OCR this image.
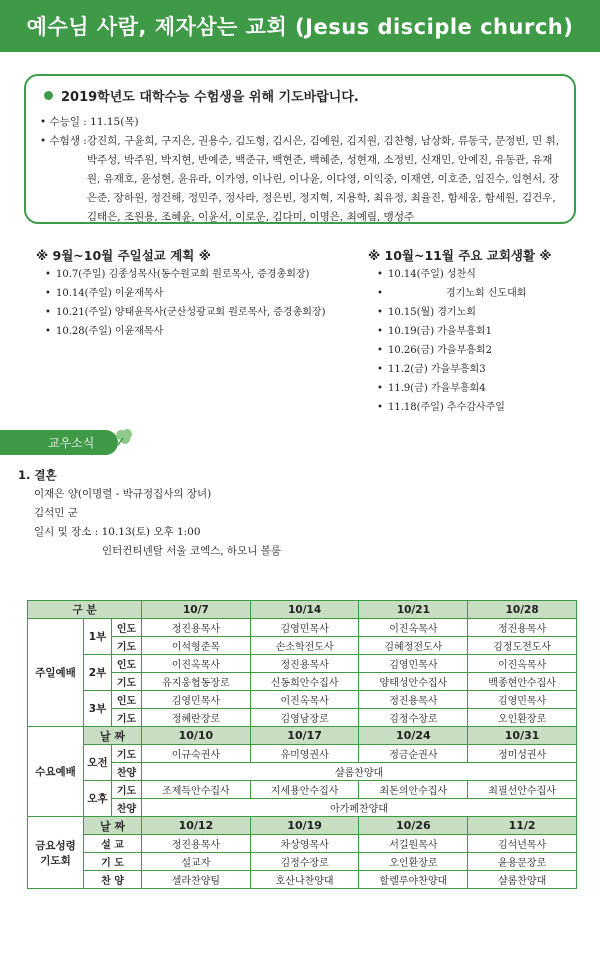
예수님 사람, 제자삼는 교회 (Jesus disciple church)
2019학년도 대학수능 수험생을 위해 기도바랍니다.
• 수능일 : 11.15(목)
• 수험생 : 강진희, 구윤희, 구지은, 권용수, 김도형, 김시은, 김예원, 김지원, 김찬형, 남상화, 류동국, 문정빈, 민 휘, 박주성, 박주원, 박지현, 반예준, 백준규, 백현준, 백혜준, 성현재, 소정빈, 신재민, 안예진, 유동관, 유재원, 유재호, 윤성현, 윤유라, 이가영, 이나린, 이나윤, 이다영, 이익중, 이재연, 이호준, 임진수, 임현서, 장은준, 장하원, 정건해, 정민주, 정사라, 정은빈, 정지혁, 지용학, 최유정, 최율진, 함세웅, 함세원, 김건우, 김태은, 조원용, 조혜윤, 이윤서, 이로운, 김다미, 이명은, 최예림, 맹성주
※ 9월~10월 주일설교 계획 ※
• 10.7(주일) 김종성목사(동수원교회 원로목사, 증경총회장)
• 10.14(주일) 이윤재목사
• 10.21(주일) 양태윤목사(군산성광교회 원로목사, 증경총회장)
• 10.28(주일) 이윤재목사
※ 10월~11월 주요 교회생활 ※
• 10.14(주일) 성찬식
• 경기노회 신도대회
• 10.15(월) 경기노회
• 10.19(금) 가을부흥회1
• 10.26(금) 가을부흥회2
• 11.2(금) 가을부흥회3
• 11.9(금) 가을부흥회4
• 11.18(주일) 추수감사주일
교우소식
1. 결혼
이재은 양(이명렬 - 박규정집사의 장녀)
김석민 군
일시 및 장소 : 10.13(토) 오후 1:00
인터컨티넨탈 서울 코엑스, 하모니 볼룸
구 분			10/7	10/14	10/21	10/28
주일예배	1부	인도	정진용목사	김영민목사	이진옥목사	정진용목사
		기도	이석형준목	손소학전도사	김혜정전도사	김정도전도사
	2부	인도	이진옥목사	정진용목사	김영민목사	이진옥목사
		기도	유지웅협동장로	신동희안수집사	양태성안수집사	백종현안수집사
	3부	인도	김영민목사	이진옥목사	정진용목사	김영민목사
		기도	정혜란장로	김영남장로	김정수장로	오인환장로
수요예배	날 짜		10/10	10/17	10/24	10/31
	오전	기도	이규숙권사	유미영권사	정금순권사	정미성권사
		찬양	샬롬찬양대			
	오후	기도	조제득안수집사	지세용안수집사	최돈의안수집사	최필선안수집사
		찬양	아가페찬양대			

금요성령
기도회	날 짜		10/12	10/19	10/26	11/2
	설 교		정진용목사	차상영목사	서길원목사	김석년목사
	기 도		설교자	김정수장로	오인환장로	윤용문장로
	찬 양		셀라찬양팀	호산나찬양대	할렐루야찬양대	샬롬찬양대
